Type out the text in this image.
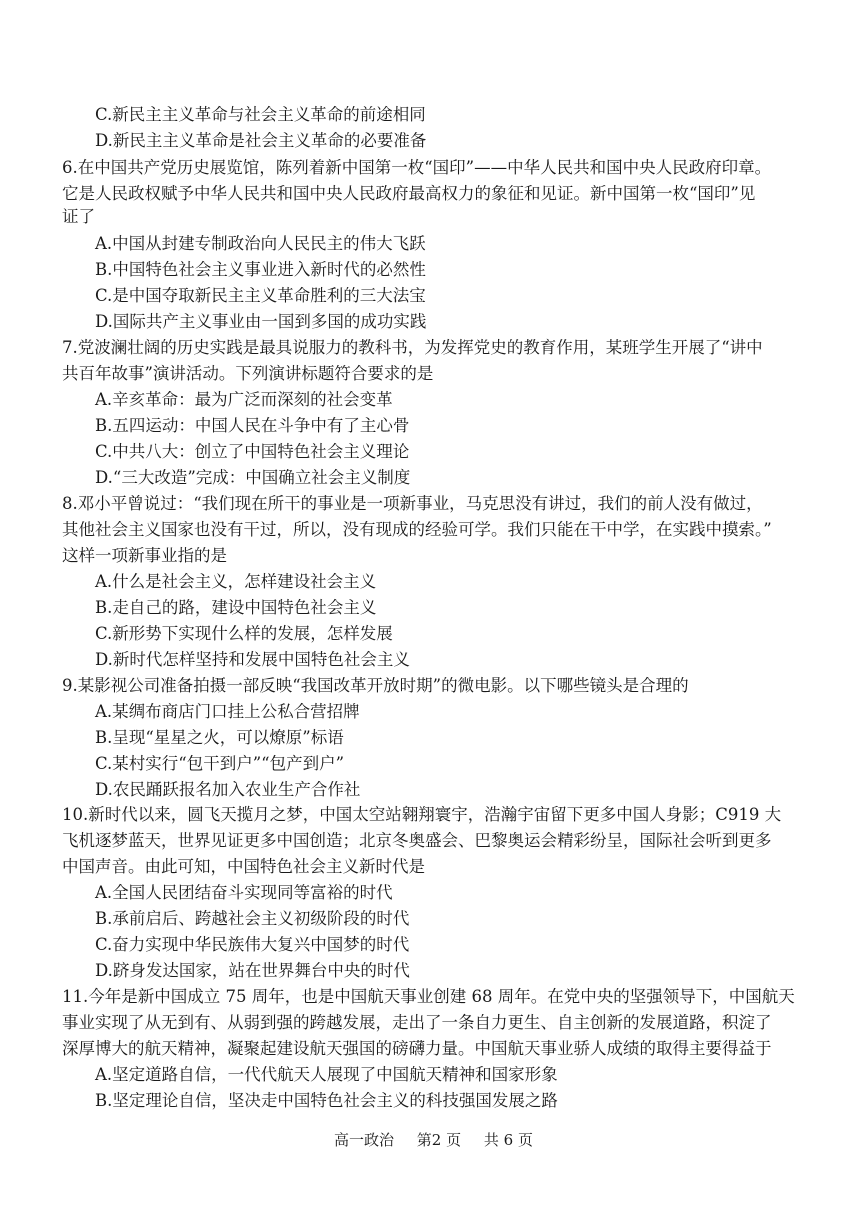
C.新民主主义革命与社会主义革命的前途相同
D.新民主主义革命是社会主义革命的必要准备
6.在中国共产党历史展览馆，陈列着新中国第一枚“国印”——中华人民共和国中央人民政府印章。
它是人民政权赋予中华人民共和国中央人民政府最高权力的象征和见证。新中国第一枚“国印”见
证了
A.中国从封建专制政治向人民民主的伟大飞跃
B.中国特色社会主义事业进入新时代的必然性
C.是中国夺取新民主主义革命胜利的三大法宝
D.国际共产主义事业由一国到多国的成功实践
7.党波澜壮阔的历史实践是最具说服力的教科书，为发挥党史的教育作用，某班学生开展了“讲中
共百年故事”演讲活动。下列演讲标题符合要求的是
A.辛亥革命：最为广泛而深刻的社会变革
B.五四运动：中国人民在斗争中有了主心骨
C.中共八大：创立了中国特色社会主义理论
D.“三大改造”完成：中国确立社会主义制度
8.邓小平曾说过：“我们现在所干的事业是一项新事业，马克思没有讲过，我们的前人没有做过，
其他社会主义国家也没有干过，所以，没有现成的经验可学。我们只能在干中学，在实践中摸索。”
这样一项新事业指的是
A.什么是社会主义，怎样建设社会主义
B.走自己的路，建设中国特色社会主义
C.新形势下实现什么样的发展，怎样发展
D.新时代怎样坚持和发展中国特色社会主义
9.某影视公司准备拍摄一部反映“我国改革开放时期”的微电影。以下哪些镜头是合理的
A.某绸布商店门口挂上公私合营招牌
B.呈现“星星之火，可以燎原”标语
C.某村实行“包干到户”“包产到户”
D.农民踊跃报名加入农业生产合作社
10.新时代以来，圆飞天揽月之梦，中国太空站翱翔寰宇，浩瀚宇宙留下更多中国人身影；C919 大
飞机逐梦蓝天，世界见证更多中国创造；北京冬奥盛会、巴黎奥运会精彩纷呈，国际社会听到更多
中国声音。由此可知，中国特色社会主义新时代是
A.全国人民团结奋斗实现同等富裕的时代
B.承前启后、跨越社会主义初级阶段的时代
C.奋力实现中华民族伟大复兴中国梦的时代
D.跻身发达国家，站在世界舞台中央的时代
11.今年是新中国成立 75 周年，也是中国航天事业创建 68 周年。在党中央的坚强领导下，中国航天
事业实现了从无到有、从弱到强的跨越发展，走出了一条自力更生、自主创新的发展道路，积淀了
深厚博大的航天精神，凝聚起建设航天强国的磅礴力量。中国航天事业骄人成绩的取得主要得益于
A.坚定道路自信，一代代航天人展现了中国航天精神和国家形象
B.坚定理论自信，坚决走中国特色社会主义的科技强国发展之路
高一政治 第2 页 共 6 页
